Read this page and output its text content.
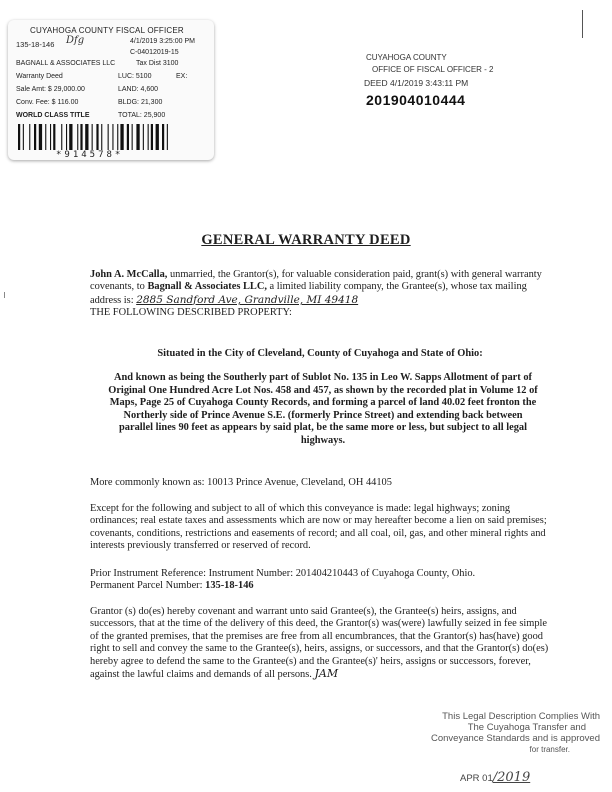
CUYAHOGA COUNTY FISCAL OFFICER
135-18-146 Dfg	4/1/2019 3:25:00 PM
C-04012019-15
BAGNALL & ASSOCIATES LLC	Tax Dist 3100
Warranty Deed	LUC: 5100	EX:
Sale Amt: $ 29,000.00	LAND: 4,600
Conv. Fee: $ 116.00	BLDG: 21,300
WORLD CLASS TITLE	TOTAL: 25,900
*914578*
CUYAHOGA COUNTY
OFFICE OF FISCAL OFFICER - 2
DEED 4/1/2019 3:43:11 PM
201904010444
GENERAL WARRANTY DEED
John A. McCalla, unmarried, the Grantor(s), for valuable consideration paid, grant(s) with general warranty covenants, to Bagnall & Associates LLC, a limited liability company, the Grantee(s), whose tax mailing address is: 2885 Sandford Ave, Grandville, MI 49418
THE FOLLOWING DESCRIBED PROPERTY:
Situated in the City of Cleveland, County of Cuyahoga and State of Ohio:
And known as being the Southerly part of Sublot No. 135 in Leo W. Sapps Allotment of part of Original One Hundred Acre Lot Nos. 458 and 457, as shown by the recorded plat in Volume 12 of Maps, Page 25 of Cuyahoga County Records, and forming a parcel of land 40.02 feet fronton the Northerly side of Prince Avenue S.E. (formerly Prince Street) and extending back between parallel lines 90 feet as appears by said plat, be the same more or less, but subject to all legal highways.
More commonly known as: 10013 Prince Avenue, Cleveland, OH 44105
Except for the following and subject to all of which this conveyance is made: legal highways; zoning ordinances; real estate taxes and assessments which are now or may hereafter become a lien on said premises; covenants, conditions, restrictions and easements of record; and all coal, oil, gas, and other mineral rights and interests previously transferred or reserved of record.
Prior Instrument Reference: Instrument Number: 201404210443 of Cuyahoga County, Ohio.
Permanent Parcel Number: 135-18-146
Grantor (s) do(es) hereby covenant and warrant unto said Grantee(s), the Grantee(s) heirs, assigns, and successors, that at the time of the delivery of this deed, the Grantor(s) was(were) lawfully seized in fee simple of the granted premises, that the premises are free from all encumbrances, that the Grantor(s) has(have) good right to sell and convey the same to the Grantee(s), heirs, assigns, or successors, and that the Grantor(s) do(es) hereby agree to defend the same to the Grantee(s) and the Grantee(s)' heirs, assigns or successors, forever, against the lawful claims and demands of all persons. JAM
This Legal Description Complies With

The Cuyahoga Transfer and
Conveyance Standards and is approved

for transfer.
APR 01/2019
